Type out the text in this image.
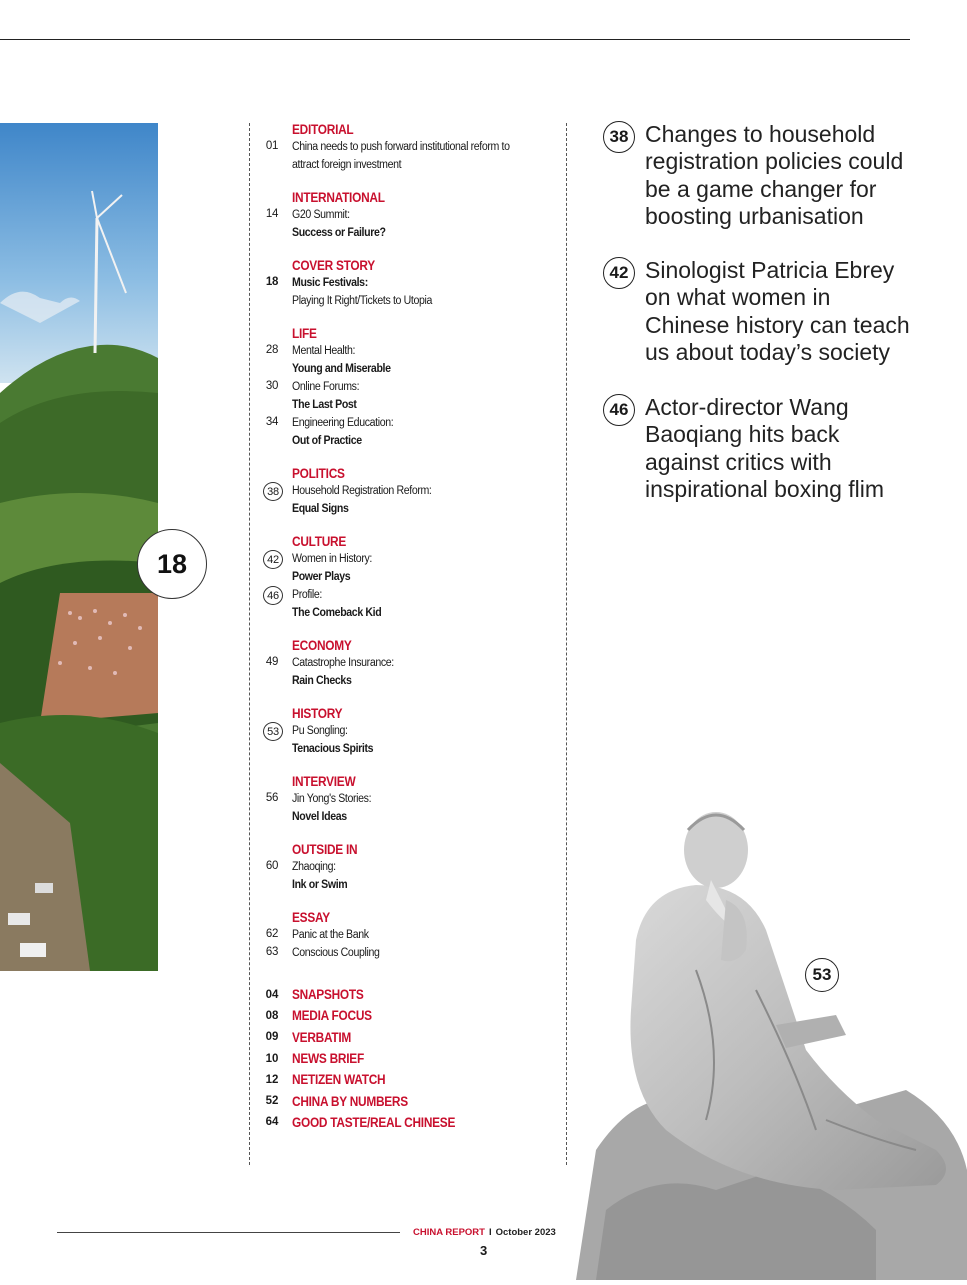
18
EDITORIAL
01	China needs to push forward institutional reform to attract foreign investment
INTERNATIONAL
14	G20 Summit:
Success or Failure?
COVER STORY
18	Music Festivals:
Playing It Right/Tickets to Utopia
LIFE
28	Mental Health:
Young and Miserable
30	Online Forums:
The Last Post
34	Engineering Education:
Out of Practice
POLITICS
38	Household Registration Reform:
Equal Signs
CULTURE
42	Women in History:
Power Plays
46	Profile:
The Comeback Kid
ECONOMY
49	Catastrophe Insurance:
Rain Checks
HISTORY
53	Pu Songling:
Tenacious Spirits
INTERVIEW
56	Jin Yong's Stories:
Novel Ideas
OUTSIDE IN
60	Zhaoqing:
Ink or Swim
ESSAY
62	Panic at the Bank
63	Conscious Coupling
04	SNAPSHOTS
08	MEDIA FOCUS
09	VERBATIM
10	NEWS BRIEF
12	NETIZEN WATCH
52	CHINA BY NUMBERS
64	GOOD TASTE/REAL CHINESE
38 Changes to household registration policies could be a game changer for boosting urbanisation
42 Sinologist Patricia Ebrey on what women in Chinese history can teach us about today’s society
46 Actor-director Wang Baoqiang hits back against critics with inspirational boxing flim
53
CHINA REPORT I October 2023
3
